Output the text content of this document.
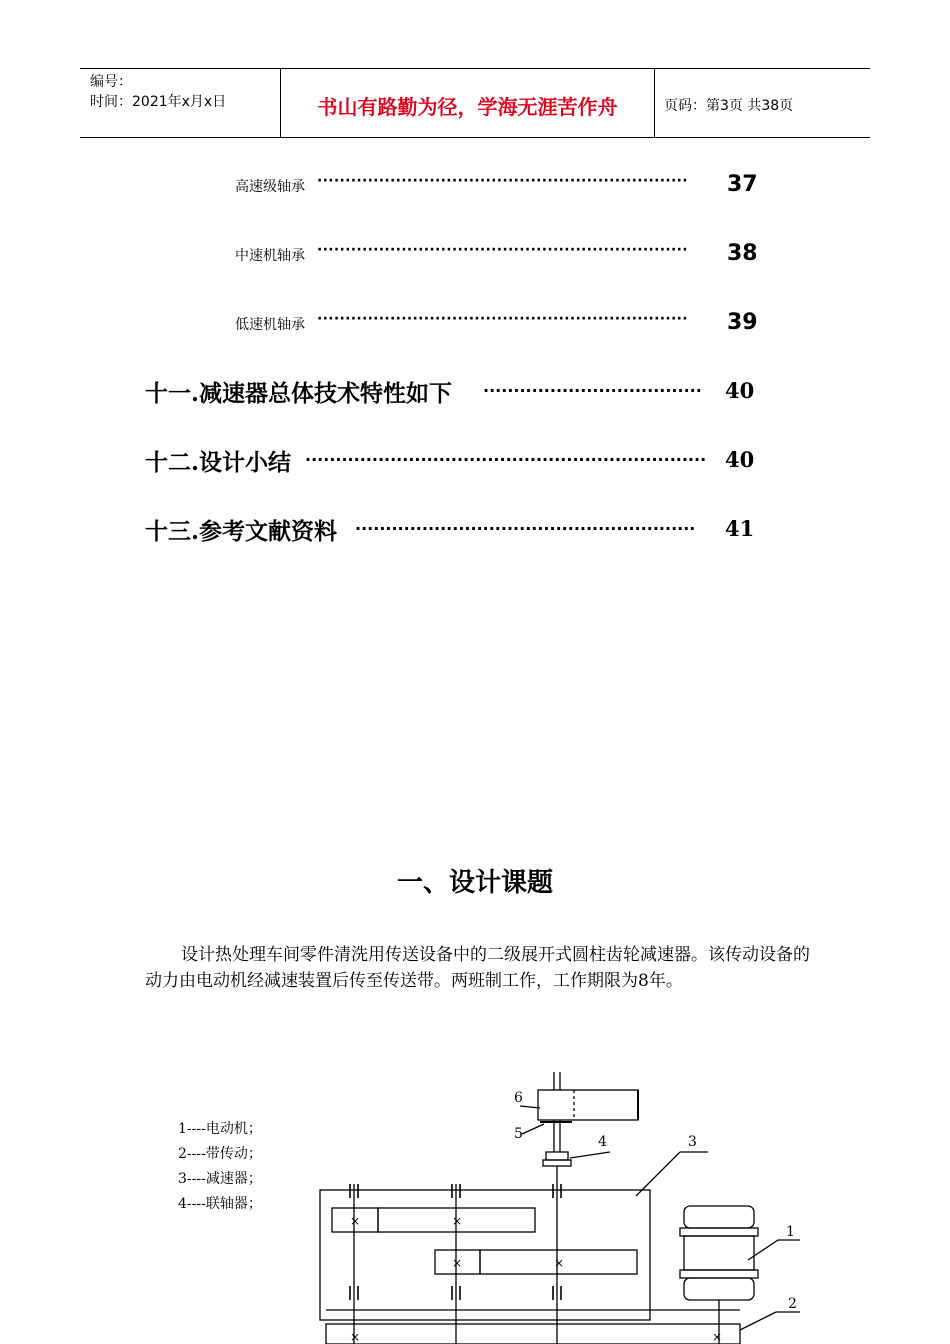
编号：
时间：2021年x月x日	书山有路勤为径，学海无涯苦作舟	页码：第3页 共38页
高速级轴承 ·································································· 37
中速机轴承 ·································································· 38
低速机轴承 ·································································· 39
十一.减速器总体技术特性如下 ···································· 40
十二.设计小结 ·································································· 40
十三.参考文献资料 ························································ 41
一、设计课题
设计热处理车间零件清洗用传送设备中的二级展开式圆柱齿轮减速器。该传动设备的动力由电动机经减速装置后传至传送带。两班制工作，工作期限为8年。
1----电动机；
2----带传动；
3----减速器；
4----联轴器；
6
5	4	3
×	×
×	×
1
×	×
2
